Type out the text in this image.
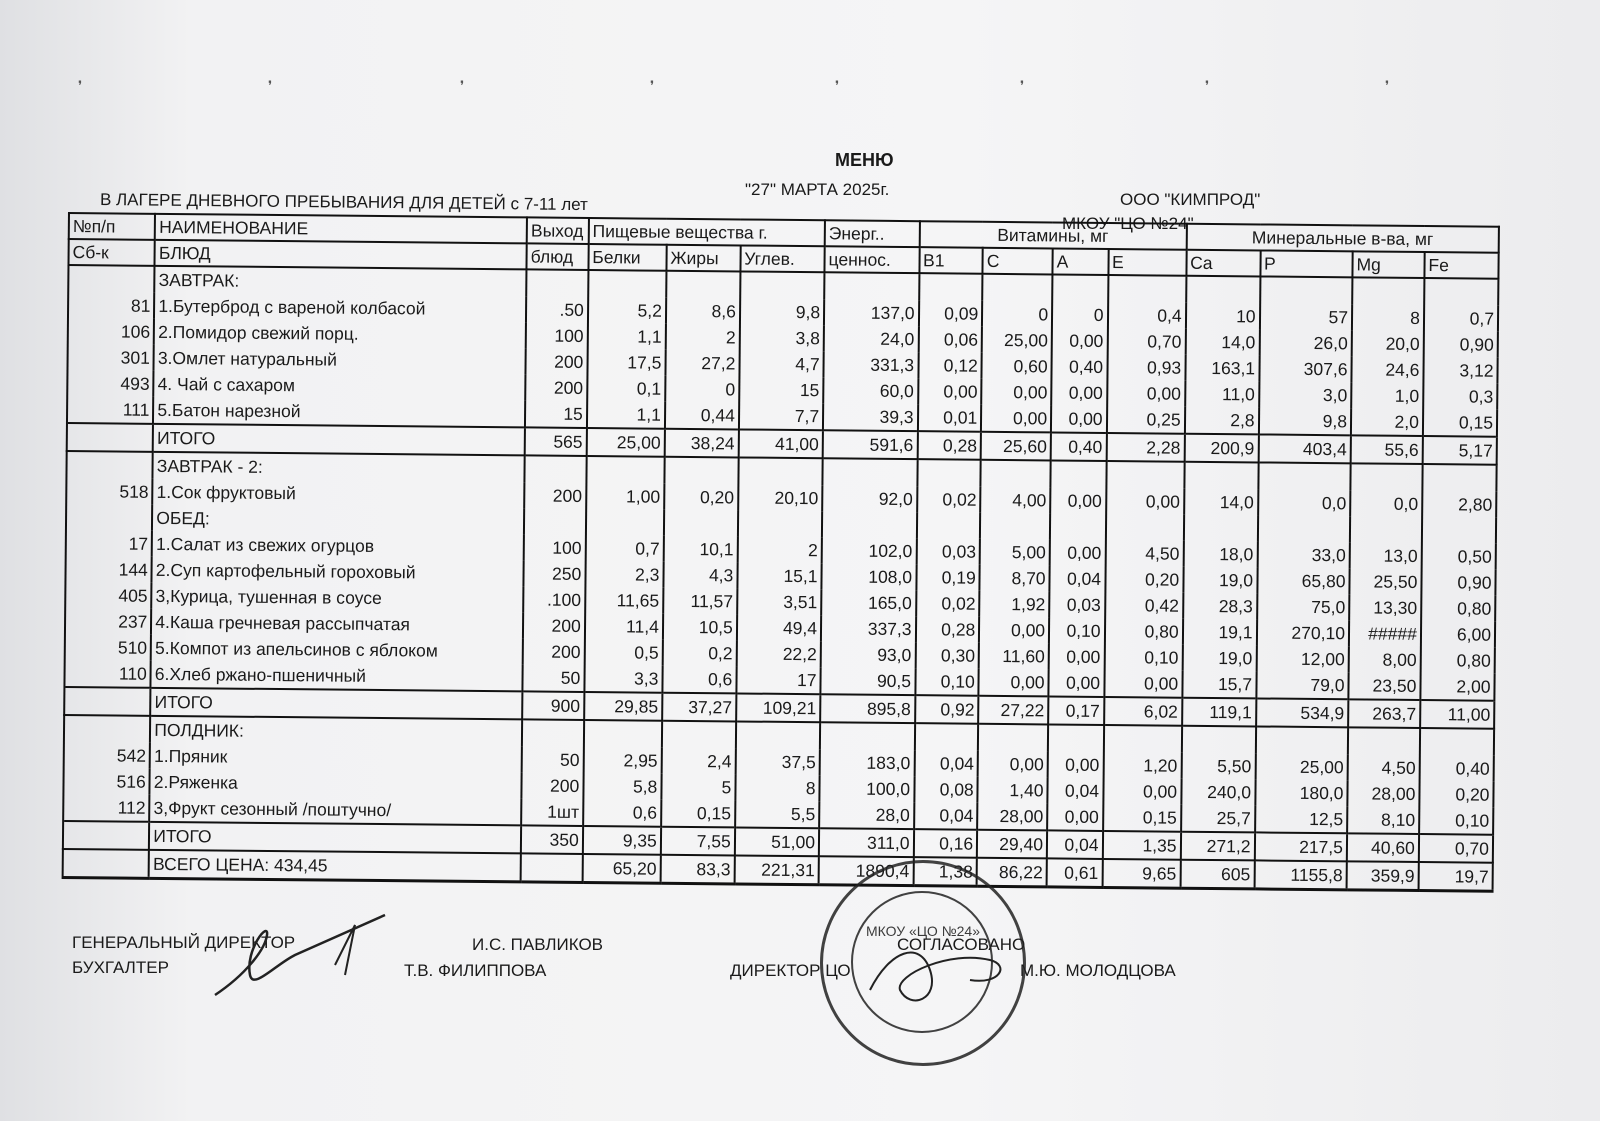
❜	❜	❜	❜	❜	❜	❜	❜
МЕНЮ
"27" МАРТА 2025г.
В ЛАГЕРЕ ДНЕВНОГО ПРЕБЫВАНИЯ ДЛЯ ДЕТЕЙ с 7-11 лет	ООО "КИМПРОД"
МКОУ "ЦО №24"
№п/п	НАИМЕНОВАНИЕ	Выход	Пищевые вещества г.			Энерг..	Витамины, мг				Минеральные в-ва, мг			
Сб-к	БЛЮД	блюд	Белки	Жиры	Углев.	ценнос.	B1	C	A	E	Ca	P	Mg	Fe
	ЗАВТРАК:													
81	1.Бутерброд с вареной колбасой	.50	5,2	8,6	9,8	137,0	0,09	0	0	0,4	10	57	8	0,7
106	2.Помидор свежий порц.	100	1,1	2	3,8	24,0	0,06	25,00	0,00	0,70	14,0	26,0	20,0	0,90
301	3.Омлет натуральный	200	17,5	27,2	4,7	331,3	0,12	0,60	0,40	0,93	163,1	307,6	24,6	3,12
493	4. Чай с сахаром	200	0,1	0	15	60,0	0,00	0,00	0,00	0,00	11,0	3,0	1,0	0,3
111	5.Батон нарезной	15	1,1	0,44	7,7	39,3	0,01	0,00	0,00	0,25	2,8	9,8	2,0	0,15
	ИТОГО	565	25,00	38,24	41,00	591,6	0,28	25,60	0,40	2,28	200,9	403,4	55,6	5,17
	ЗАВТРАК - 2:													
518	1.Сок фруктовый	200	1,00	0,20	20,10	92,0	0,02	4,00	0,00	0,00	14,0	0,0	0,0	2,80
	ОБЕД:													
17	1.Салат из свежих огурцов	100	0,7	10,1	2	102,0	0,03	5,00	0,00	4,50	18,0	33,0	13,0	0,50
144	2.Суп картофельный гороховый	250	2,3	4,3	15,1	108,0	0,19	8,70	0,04	0,20	19,0	65,80	25,50	0,90
405	3,Курица, тушенная в соусе	.100	11,65	11,57	3,51	165,0	0,02	1,92	0,03	0,42	28,3	75,0	13,30	0,80
237	4.Каша гречневая рассыпчатая	200	11,4	10,5	49,4	337,3	0,28	0,00	0,10	0,80	19,1	270,10	#####	6,00
510	5.Компот из апельсинов с яблоком	200	0,5	0,2	22,2	93,0	0,30	11,60	0,00	0,10	19,0	12,00	8,00	0,80
110	6.Хлеб ржано-пшеничный	50	3,3	0,6	17	90,5	0,10	0,00	0,00	0,00	15,7	79,0	23,50	2,00
	ИТОГО	900	29,85	37,27	109,21	895,8	0,92	27,22	0,17	6,02	119,1	534,9	263,7	11,00
	ПОЛДНИК:													
542	1.Пряник	50	2,95	2,4	37,5	183,0	0,04	0,00	0,00	1,20	5,50	25,00	4,50	0,40
516	2.Ряженка	200	5,8	5	8	100,0	0,08	1,40	0,04	0,00	240,0	180,0	28,00	0,20
112	3,Фрукт сезонный /поштучно/	1шт	0,6	0,15	5,5	28,0	0,04	28,00	0,00	0,15	25,7	12,5	8,10	0,10
	ИТОГО	350	9,35	7,55	51,00	311,0	0,16	29,40	0,04	1,35	271,2	217,5	40,60	0,70
	ВСЕГО ЦЕНА: 434,45		65,20	83,3	221,31	1890,4	1,38	86,22	0,61	9,65	605	1155,8	359,9	19,7
ГЕНЕРАЛЬНЫЙ ДИРЕКТОР
БУХГАЛТЕР
И.С. ПАВЛИКОВ
Т.В. ФИЛИППОВА
СОГЛАСОВАНО
ДИРЕКТОР ЦО	М.Ю. МОЛОДЦОВА
МКОУ «ЦО №24»
